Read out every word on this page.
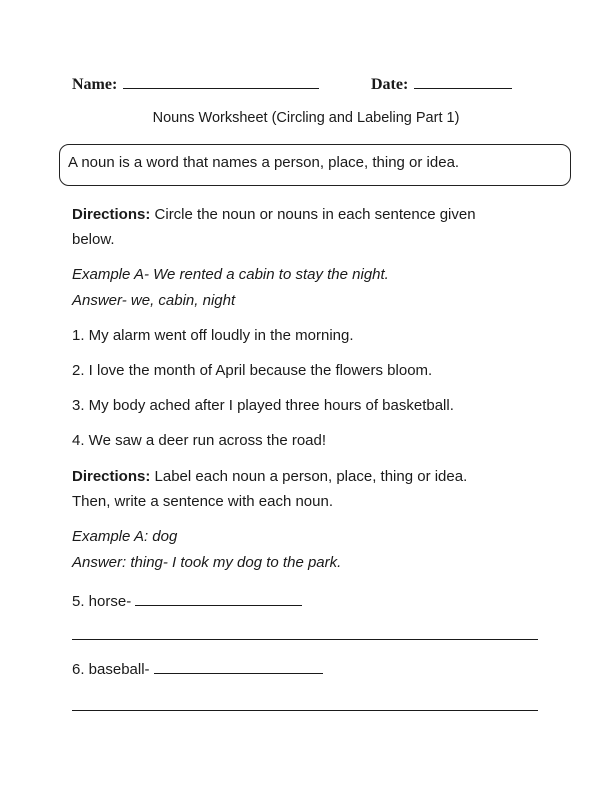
Name:	Date:
Nouns Worksheet (Circling and Labeling Part 1)
A noun is a word that names a person, place, thing or idea.
Directions: Circle the noun or nouns in each sentence given
below.
Example A- We rented a cabin to stay the night.
Answer- we, cabin, night
1. My alarm went off loudly in the morning.
2. I love the month of April because the flowers bloom.
3. My body ached after I played three hours of basketball.
4. We saw a deer run across the road!
Directions: Label each noun a person, place, thing or idea.
Then, write a sentence with each noun.
Example A: dog
Answer: thing- I took my dog to the park.
5. horse-
6. baseball-
